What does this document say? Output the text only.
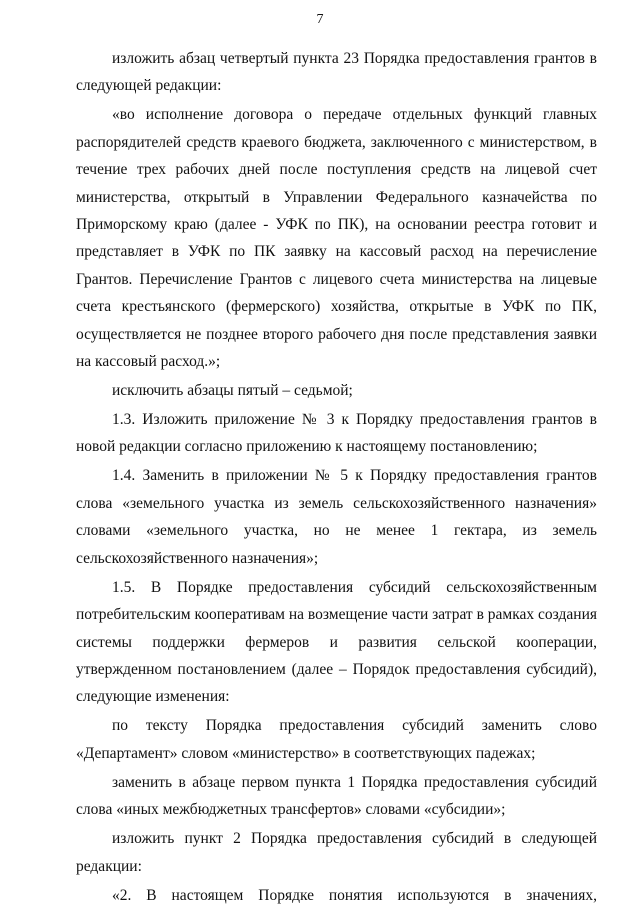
7

изложить абзац четвертый пункта 23 Порядка предоставления грантов в следующей редакции:

«во исполнение договора о передаче отдельных функций главных распорядителей средств краевого бюджета, заключенного с министерством, в течение трех рабочих дней после поступления средств на лицевой счет министерства, открытый в Управлении Федерального казначейства по Приморскому краю (далее - УФК по ПК), на основании реестра готовит и представляет в УФК по ПК заявку на кассовый расход на перечисление Грантов. Перечисление Грантов с лицевого счета министерства на лицевые счета крестьянского (фермерского) хозяйства, открытые в УФК по ПК, осуществляется не позднее второго рабочего дня после представления заявки на кассовый расход.»;

исключить абзацы пятый – седьмой;

1.3. Изложить приложение № 3 к Порядку предоставления грантов в новой редакции согласно приложению к настоящему постановлению;

1.4. Заменить в приложении № 5 к Порядку предоставления грантов слова «земельного участка из земель сельскохозяйственного назначения» словами «земельного участка, но не менее 1 гектара, из земель сельскохозяйственного назначения»;

1.5. В Порядке предоставления субсидий сельскохозяйственным потребительским кооперативам на возмещение части затрат в рамках создания системы поддержки фермеров и развития сельской кооперации, утвержденном постановлением (далее – Порядок предоставления субсидий), следующие изменения:

по тексту Порядка предоставления субсидий заменить слово «Департамент» словом «министерство» в соответствующих падежах;

заменить в абзаце первом пункта 1 Порядка предоставления субсидий слова «иных межбюджетных трансфертов» словами «субсидии»;

изложить пункт 2 Порядка предоставления субсидий в следующей редакции:

«2. В настоящем Порядке понятия используются в значениях,
